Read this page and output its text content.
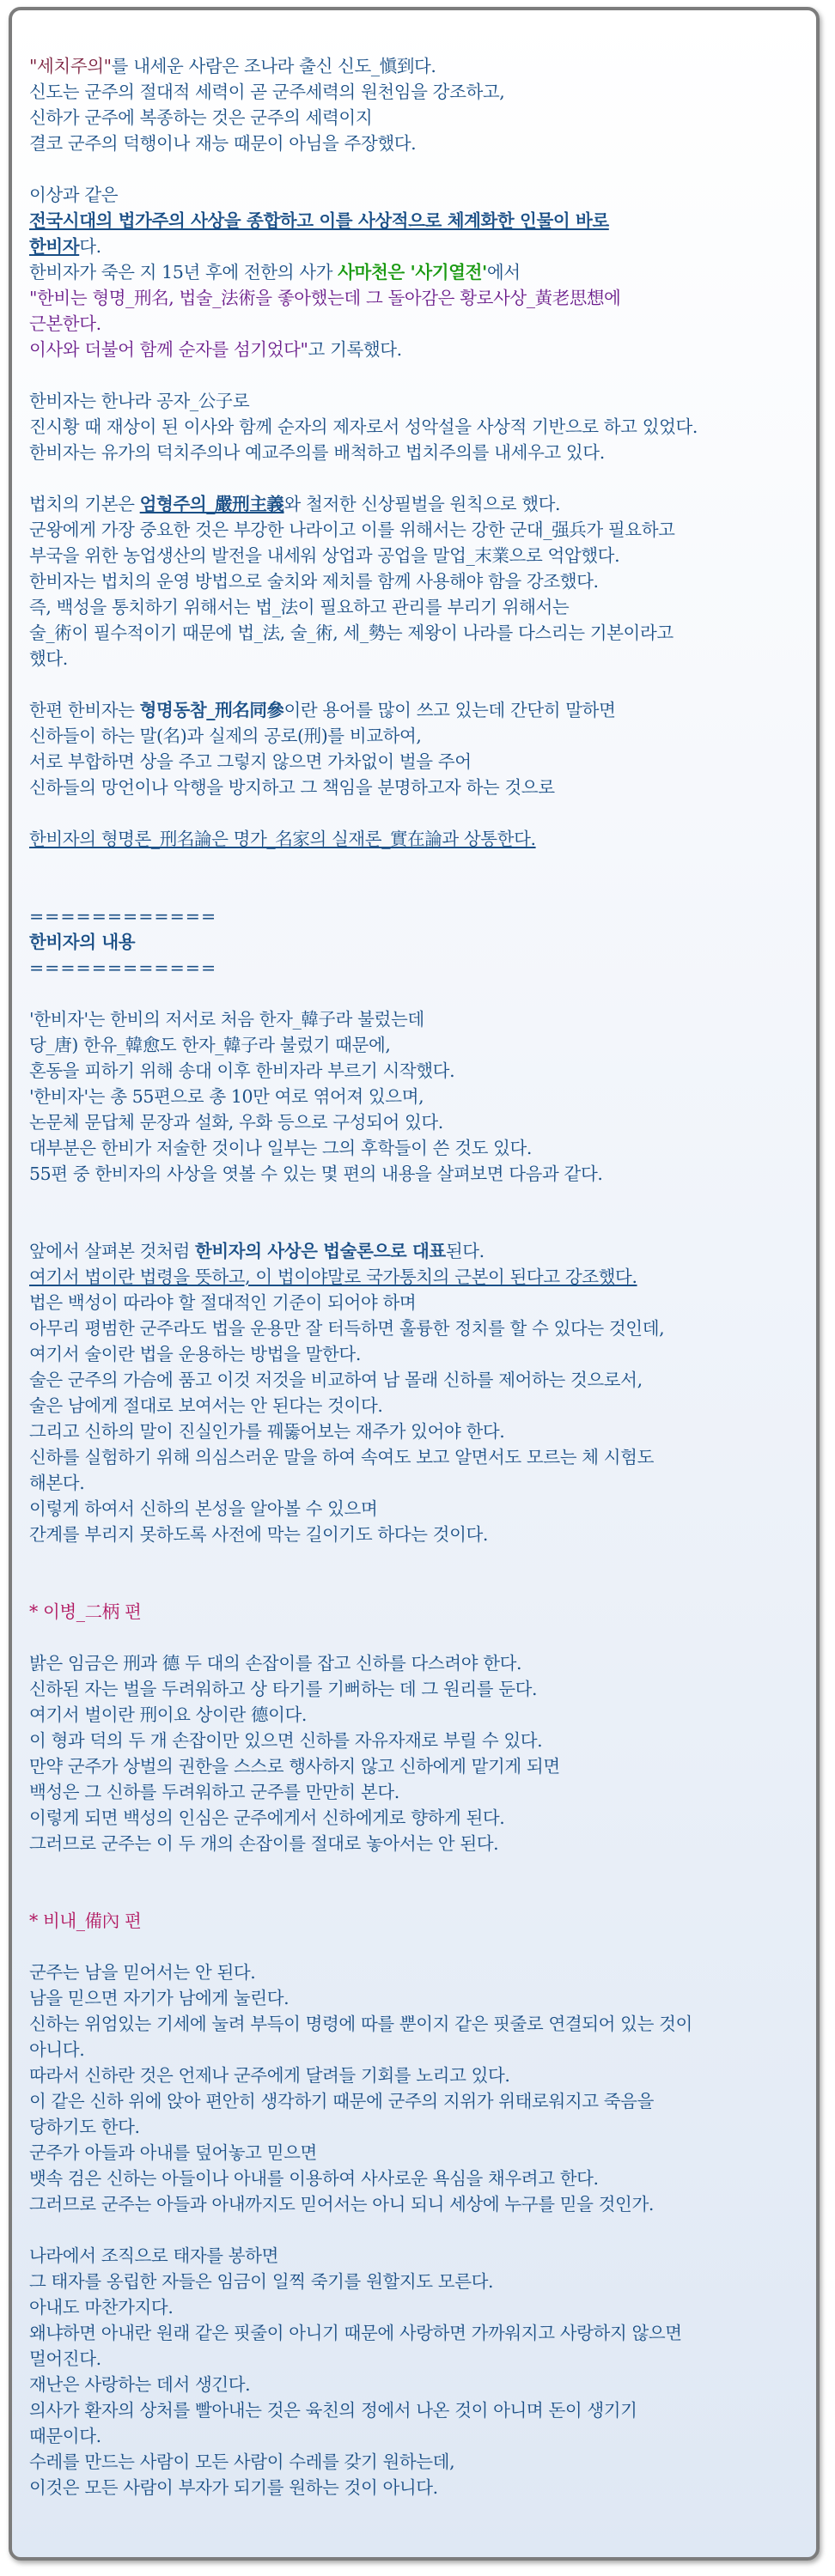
"세치주의"를 내세운 사람은 조나라 출신 신도_愼到다.

신도는 군주의 절대적 세력이 곧 군주세력의 원천임을 강조하고,

신하가 군주에 복종하는 것은 군주의 세력이지

결코 군주의 덕행이나 재능 때문이 아님을 주장했다.

이상과 같은

전국시대의 법가주의 사상을 종합하고 이를 사상적으로 체계화한 인물이 바로

한비자다.

한비자가 죽은 지 15년 후에 전한의 사가 사마천은 '사기열전'에서

"한비는 형명_刑名, 법술_法術을 좋아했는데 그 돌아감은 황로사상_黃老思想에

근본한다.

이사와 더불어 함께 순자를 섬기었다"고 기록했다.

한비자는 한나라 공자_公子로

진시황 때 재상이 된 이사와 함께 순자의 제자로서 성악설을 사상적 기반으로 하고 있었다.

한비자는 유가의 덕치주의나 예교주의를 배척하고 법치주의를 내세우고 있다.

법치의 기본은 엄형주의_嚴刑主義와 철저한 신상필벌을 원칙으로 했다.

군왕에게 가장 중요한 것은 부강한 나라이고 이를 위해서는 강한 군대_强兵가 필요하고

부국을 위한 농업생산의 발전을 내세워 상업과 공업을 말업_末業으로 억압했다.

한비자는 법치의 운영 방법으로 술치와 제치를 함께 사용해야 함을 강조했다.

즉, 백성을 통치하기 위해서는 법_法이 필요하고 관리를 부리기 위해서는

술_術이 필수적이기 때문에 법_法, 술_術, 세_勢는 제왕이 나라를 다스리는 기본이라고

했다.

한편 한비자는 형명동참_刑名同參이란 용어를 많이 쓰고 있는데 간단히 말하면

신하들이 하는 말(名)과 실제의 공로(刑)를 비교하여,

서로 부합하면 상을 주고 그렇지 않으면 가차없이 벌을 주어

신하들의 망언이나 악행을 방지하고 그 책임을 분명하고자 하는 것으로

한비자의 형명론_刑名論은 명가_名家의 실재론_實在論과 상통한다.

============

한비자의 내용

============

'한비자'는 한비의 저서로 처음 한자_韓子라 불렀는데

당_唐) 한유_韓愈도 한자_韓子라 불렀기 때문에,

혼동을 피하기 위해 송대 이후 한비자라 부르기 시작했다.

'한비자'는 총 55편으로 총 10만 여로 엮어져 있으며,

논문체 문답체 문장과 설화, 우화 등으로 구성되어 있다.

대부분은 한비가 저술한 것이나 일부는 그의 후학들이 쓴 것도 있다.

55편 중 한비자의 사상을 엿볼 수 있는 몇 편의 내용을 살펴보면 다음과 같다.

앞에서 살펴본 것처럼 한비자의 사상은 법술론으로 대표된다.

여기서 법이란 법령을 뜻하고, 이 법이야말로 국가통치의 근본이 된다고 강조했다.

법은 백성이 따라야 할 절대적인 기준이 되어야 하며

아무리 평범한 군주라도 법을 운용만 잘 터득하면 훌륭한 정치를 할 수 있다는 것인데,

여기서 술이란 법을 운용하는 방법을 말한다.

술은 군주의 가슴에 품고 이것 저것을 비교하여 남 몰래 신하를 제어하는 것으로서,

술은 남에게 절대로 보여서는 안 된다는 것이다.

그리고 신하의 말이 진실인가를 꿰뚫어보는 재주가 있어야 한다.

신하를 실험하기 위해 의심스러운 말을 하여 속여도 보고 알면서도 모르는 체 시험도

해본다.

이렇게 하여서 신하의 본성을 알아볼 수 있으며

간계를 부리지 못하도록 사전에 막는 길이기도 하다는 것이다.

* 이병_二柄 편

밝은 임금은 刑과 德 두 대의 손잡이를 잡고 신하를 다스려야 한다.

신하된 자는 벌을 두려워하고 상 타기를 기뻐하는 데 그 원리를 둔다.

여기서 벌이란 刑이요 상이란 德이다.

이 형과 덕의 두 개 손잡이만 있으면 신하를 자유자재로 부릴 수 있다.

만약 군주가 상벌의 권한을 스스로 행사하지 않고 신하에게 맡기게 되면

백성은 그 신하를 두려워하고 군주를 만만히 본다.

이렇게 되면 백성의 인심은 군주에게서 신하에게로 향하게 된다.

그러므로 군주는 이 두 개의 손잡이를 절대로 놓아서는 안 된다.

* 비내_備內 편

군주는 남을 믿어서는 안 된다.

남을 믿으면 자기가 남에게 눌린다.

신하는 위엄있는 기세에 눌려 부득이 명령에 따를 뿐이지 같은 핏줄로 연결되어 있는 것이

아니다.

따라서 신하란 것은 언제나 군주에게 달려들 기회를 노리고 있다.

이 같은 신하 위에 앉아 편안히 생각하기 때문에 군주의 지위가 위태로워지고 죽음을

당하기도 한다.

군주가 아들과 아내를 덮어놓고 믿으면

뱃속 검은 신하는 아들이나 아내를 이용하여 사사로운 욕심을 채우려고 한다.

그러므로 군주는 아들과 아내까지도 믿어서는 아니 되니 세상에 누구를 믿을 것인가.

나라에서 조직으로 태자를 봉하면

그 태자를 옹립한 자들은 임금이 일찍 죽기를 원할지도 모른다.

아내도 마찬가지다.

왜냐하면 아내란 원래 같은 핏줄이 아니기 때문에 사랑하면 가까워지고 사랑하지 않으면

멀어진다.

재난은 사랑하는 데서 생긴다.

의사가 환자의 상처를 빨아내는 것은 육친의 정에서 나온 것이 아니며 돈이 생기기

때문이다.

수레를 만드는 사람이 모든 사람이 수레를 갖기 원하는데,

이것은 모든 사람이 부자가 되기를 원하는 것이 아니다.
